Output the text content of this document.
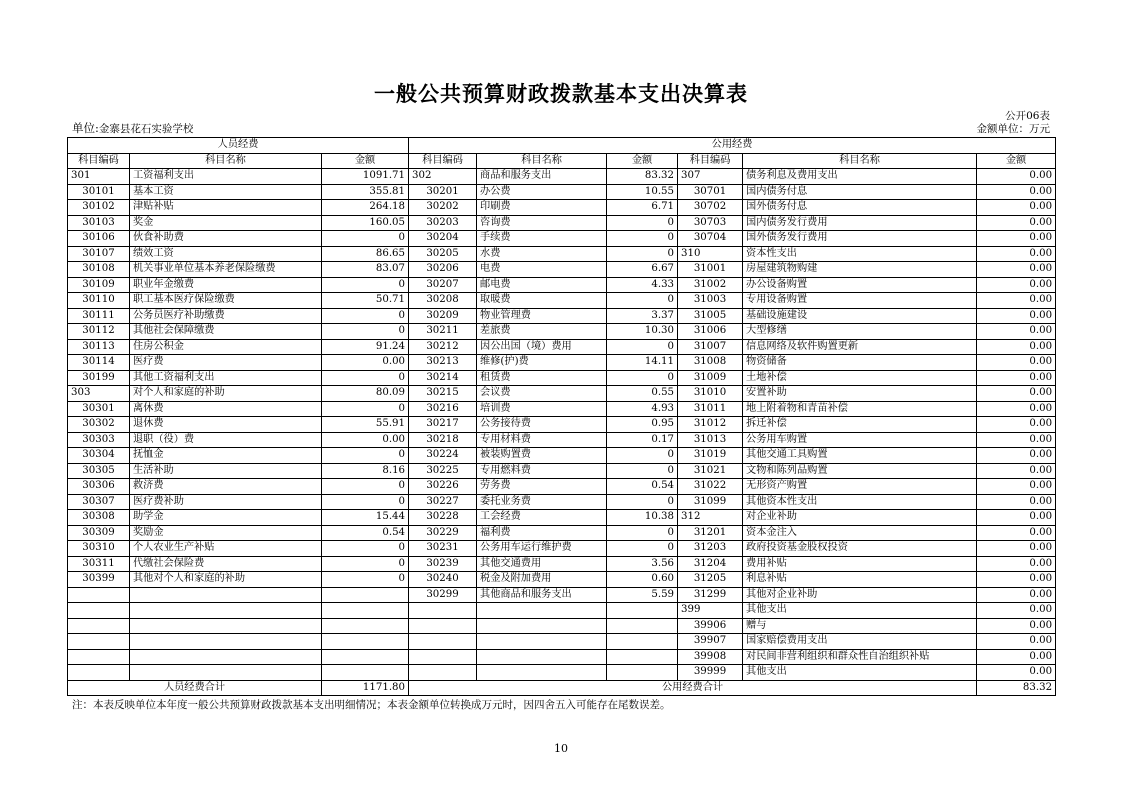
一般公共预算财政拨款基本支出决算表
公开06表
单位:金寨县花石实验学校	金额单位：万元
人员经费			公用经费					
科目编码	科目名称	金额	科目编码	科目名称	金额	科目编码	科目名称	金额
301	工资福利支出	1091.71	302	商品和服务支出	83.32	307	债务利息及费用支出	0.00
30101	基本工资	355.81	30201	办公费	10.55	30701	国内债务付息	0.00
30102	津贴补贴	264.18	30202	印刷费	6.71	30702	国外债务付息	0.00
30103	奖金	160.05	30203	咨询费	0	30703	国内债务发行费用	0.00
30106	伙食补助费	0	30204	手续费	0	30704	国外债务发行费用	0.00
30107	绩效工资	86.65	30205	水费	0	310	资本性支出	0.00
30108	机关事业单位基本养老保险缴费	83.07	30206	电费	6.67	31001	房屋建筑物购建	0.00
30109	职业年金缴费	0	30207	邮电费	4.33	31002	办公设备购置	0.00
30110	职工基本医疗保险缴费	50.71	30208	取暖费	0	31003	专用设备购置	0.00
30111	公务员医疗补助缴费	0	30209	物业管理费	3.37	31005	基础设施建设	0.00
30112	其他社会保障缴费	0	30211	差旅费	10.30	31006	大型修缮	0.00
30113	住房公积金	91.24	30212	因公出国（境）费用	0	31007	信息网络及软件购置更新	0.00
30114	医疗费	0.00	30213	维修(护)费	14.11	31008	物资储备	0.00
30199	其他工资福利支出	0	30214	租赁费	0	31009	土地补偿	0.00
303	对个人和家庭的补助	80.09	30215	会议费	0.55	31010	安置补助	0.00
30301	离休费	0	30216	培训费	4.93	31011	地上附着物和青苗补偿	0.00
30302	退休费	55.91	30217	公务接待费	0.95	31012	拆迁补偿	0.00
30303	退职（役）费	0.00	30218	专用材料费	0.17	31013	公务用车购置	0.00
30304	抚恤金	0	30224	被装购置费	0	31019	其他交通工具购置	0.00
30305	生活补助	8.16	30225	专用燃料费	0	31021	文物和陈列品购置	0.00
30306	救济费	0	30226	劳务费	0.54	31022	无形资产购置	0.00
30307	医疗费补助	0	30227	委托业务费	0	31099	其他资本性支出	0.00
30308	助学金	15.44	30228	工会经费	10.38	312	对企业补助	0.00
30309	奖励金	0.54	30229	福利费	0	31201	资本金注入	0.00
30310	个人农业生产补贴	0	30231	公务用车运行维护费	0	31203	政府投资基金股权投资	0.00
30311	代缴社会保险费	0	30239	其他交通费用	3.56	31204	费用补贴	0.00
30399	其他对个人和家庭的补助	0	30240	税金及附加费用	0.60	31205	利息补贴	0.00
			30299	其他商品和服务支出	5.59	31299	其他对企业补助	0.00
						399	其他支出	0.00
						39906	赠与	0.00
						39907	国家赔偿费用支出	0.00
						39908	对民间非营利组织和群众性自治组织补贴	0.00
						39999	其他支出	0.00
人员经费合计		1171.80	公用经费合计					83.32
注：本表反映单位本年度一般公共预算财政拨款基本支出明细情况；本表金额单位转换成万元时，因四舍五入可能存在尾数误差。
10
